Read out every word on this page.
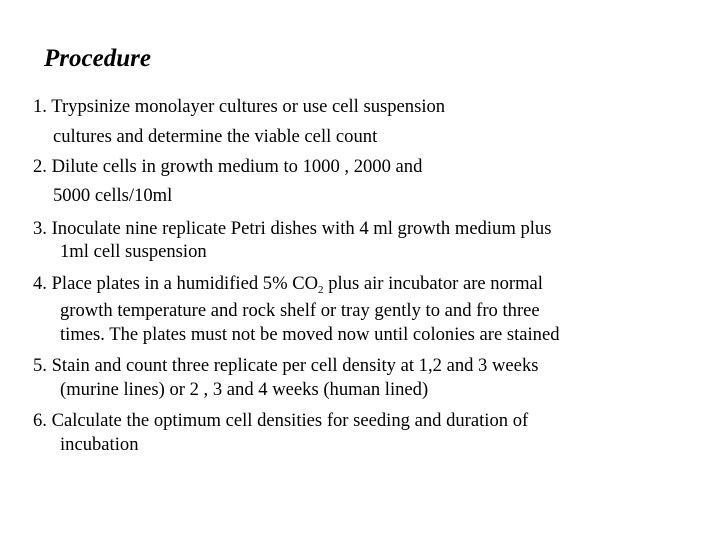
Procedure

1. Trypsinize monolayer cultures or use cell suspension

cultures and determine the viable cell count

2. Dilute cells in growth medium to 1000 , 2000 and

5000 cells/10ml

3. Inoculate nine replicate Petri dishes with 4 ml growth medium plus

1ml cell suspension

4. Place plates in a humidified 5% $CO_2$ plus air incubator are normal

growth temperature and rock shelf or tray gently to and fro three

times. The plates must not be moved now until colonies are stained

5. Stain and count three replicate per cell density at 1,2 and 3 weeks

(murine lines) or 2 , 3 and 4 weeks (human lined)

6. Calculate the optimum cell densities for seeding and duration of

incubation
